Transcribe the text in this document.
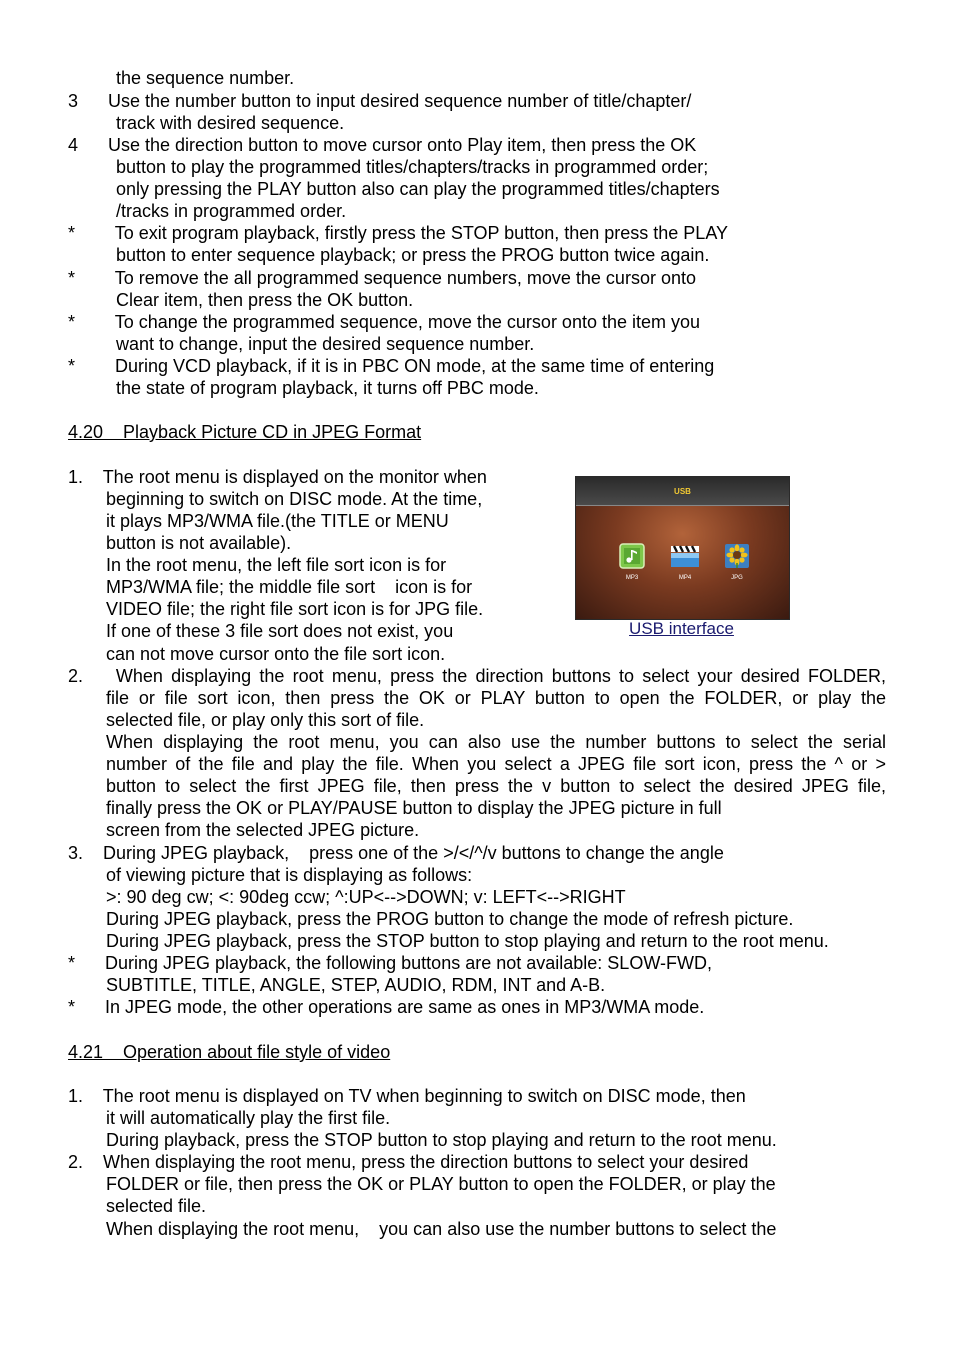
the sequence number.
3      Use the number button to input desired sequence number of title/chapter/
track with desired sequence.
4      Use the direction button to move cursor onto Play item, then press the OK
button to play the programmed titles/chapters/tracks in programmed order;
only pressing the PLAY button also can play the programmed titles/chapters
/tracks in programmed order.
*        To exit program playback, firstly press the STOP button, then press the PLAY
button to enter sequence playback; or press the PROG button twice again.
*        To remove the all programmed sequence numbers, move the cursor onto
Clear item, then press the OK button.
*        To change the programmed sequence, move the cursor onto the item you
want to change, input the desired sequence number.
*        During VCD playback, if it is in PBC ON mode, at the same time of entering
the state of program playback, it turns off PBC mode.
4.20    Playback Picture CD in JPEG Format
1.    The root menu is displayed on the monitor when
beginning to switch on DISC mode. At the time,
it plays MP3/WMA file.(the TITLE or MENU
button is not available).
In the root menu, the left file sort icon is for
MP3/WMA file; the middle file sort    icon is for
VIDEO file; the right file sort icon is for JPG file.
If one of these 3 file sort does not exist, you
can not move cursor onto the file sort icon.
2.    When displaying the root menu, press the direction buttons to select your desired FOLDER,
file or file sort icon, then press the OK or PLAY button to open the FOLDER, or play the
selected file, or play only this sort of file.
When displaying the root menu, you can also use the number buttons to select the serial
number of the file and play the file. When you select a JPEG file sort icon, press the ^ or >
button to select the first JPEG file, then press the v button to select the desired JPEG file,
finally press the OK or PLAY/PAUSE button to display the JPEG picture in full
screen from the selected JPEG picture.
3.    During JPEG playback,    press one of the >/</^/v buttons to change the angle
of viewing picture that is displaying as follows:
>: 90 deg cw; <: 90deg ccw; ^:UP<-->DOWN; v: LEFT<-->RIGHT
During JPEG playback, press the PROG button to change the mode of refresh picture.
During JPEG playback, press the STOP button to stop playing and return to the root menu.
*      During JPEG playback, the following buttons are not available: SLOW-FWD,
SUBTITLE, TITLE, ANGLE, STEP, AUDIO, RDM, INT and A-B.
*      In JPEG mode, the other operations are same as ones in MP3/WMA mode.
USB
MP3	MP4	JPG
USB interface
4.21    Operation about file style of video
1.    The root menu is displayed on TV when beginning to switch on DISC mode, then
it will automatically play the first file.
During playback, press the STOP button to stop playing and return to the root menu.
2.    When displaying the root menu, press the direction buttons to select your desired
FOLDER or file, then press the OK or PLAY button to open the FOLDER, or play the
selected file.
When displaying the root menu,    you can also use the number buttons to select the
